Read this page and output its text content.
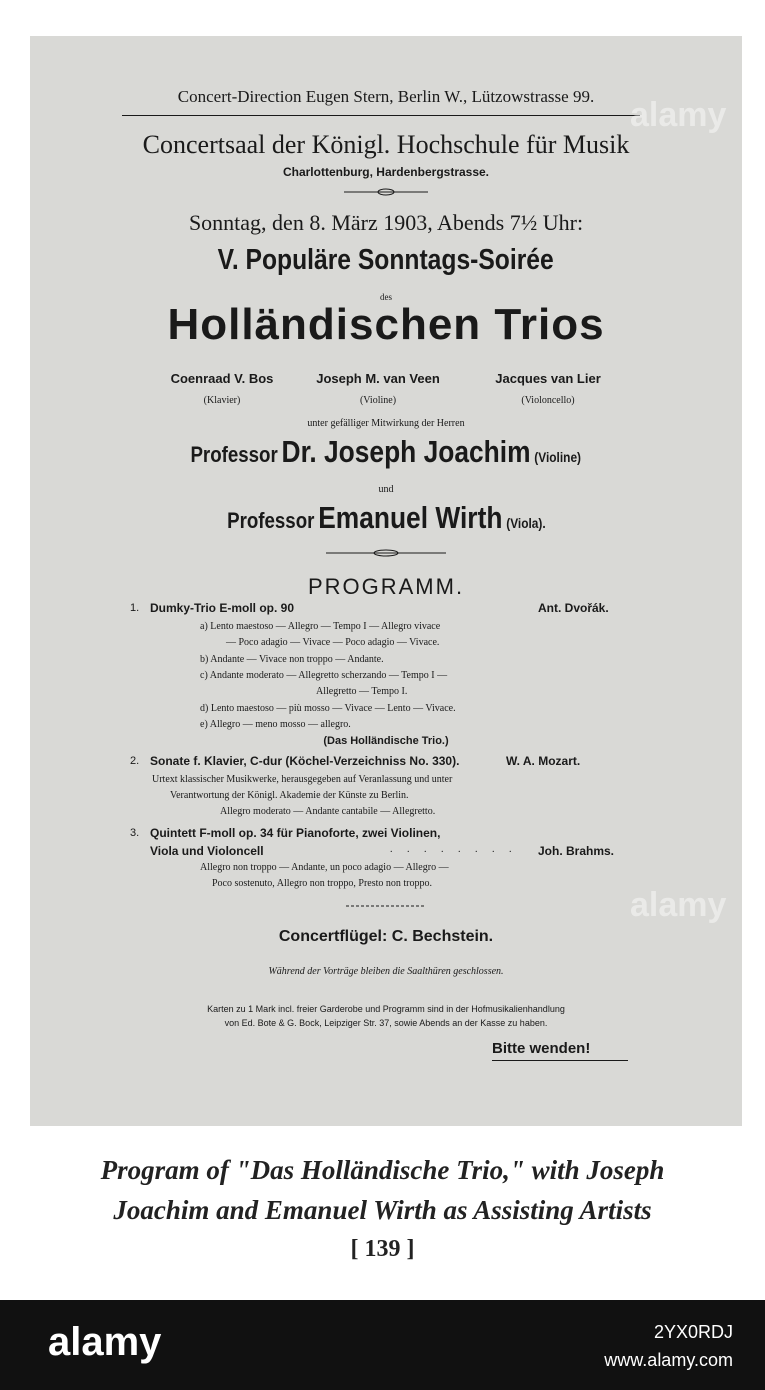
Concert-Direction Eugen Stern, Berlin W., Lützowstrasse 99.
Concertsaal der Königl. Hochschule für Musik
Charlottenburg, Hardenbergstrasse.
Sonntag, den 8. März 1903, Abends 7½ Uhr:
V. Populäre Sonntags-Soirée
des
Holländischen Trios
Coenraad V. Bos
(Klavier)
Joseph M. van Veen
(Violine)
Jacques van Lier
(Violoncello)
unter gefälliger Mitwirkung der Herren
Professor Dr. Joseph Joachim (Violine)
und
Professor Emanuel Wirth (Viola).
PROGRAMM.
1. Dumky-Trio E-moll op. 90	Ant. Dvořák.
a) Lento maestoso — Allegro — Tempo I — Allegro vivace
— Poco adagio — Vivace — Poco adagio — Vivace.
b) Andante — Vivace non troppo — Andante.
c) Andante moderato — Allegretto scherzando — Tempo I —
Allegretto — Tempo I.
d) Lento maestoso — più mosso — Vivace — Lento — Vivace.
e) Allegro — meno mosso — allegro.
(Das Holländische Trio.)
2. Sonate f. Klavier, C-dur (Köchel-Verzeichniss No. 330).	W. A. Mozart.
Urtext klassischer Musikwerke, herausgegeben auf Veranlassung und unter
Verantwortung der Königl. Akademie der Künste zu Berlin.
Allegro moderato — Andante cantabile — Allegretto.
3. Quintett F-moll op. 34 für Pianoforte, zwei Violinen,
Viola und Violoncell	. . . . . . . . Joh. Brahms.
Allegro non troppo — Andante, un poco adagio — Allegro —
Poco sostenuto, Allegro non troppo, Presto non troppo.
Concertflügel: C. Bechstein.
Während der Vorträge bleiben die Saalthüren geschlossen.
Karten zu 1 Mark incl. freier Garderobe und Programm sind in der Hofmusikalienhandlung
von Ed. Bote & G. Bock, Leipziger Str. 37, sowie Abends an der Kasse zu haben.
Bitte wenden!
alamy
alamy
Program of "Das Holländische Trio," with Joseph
Joachim and Emanuel Wirth as Assisting Artists
[ 139 ]
alamy	2YX0RDJ
www.alamy.com
